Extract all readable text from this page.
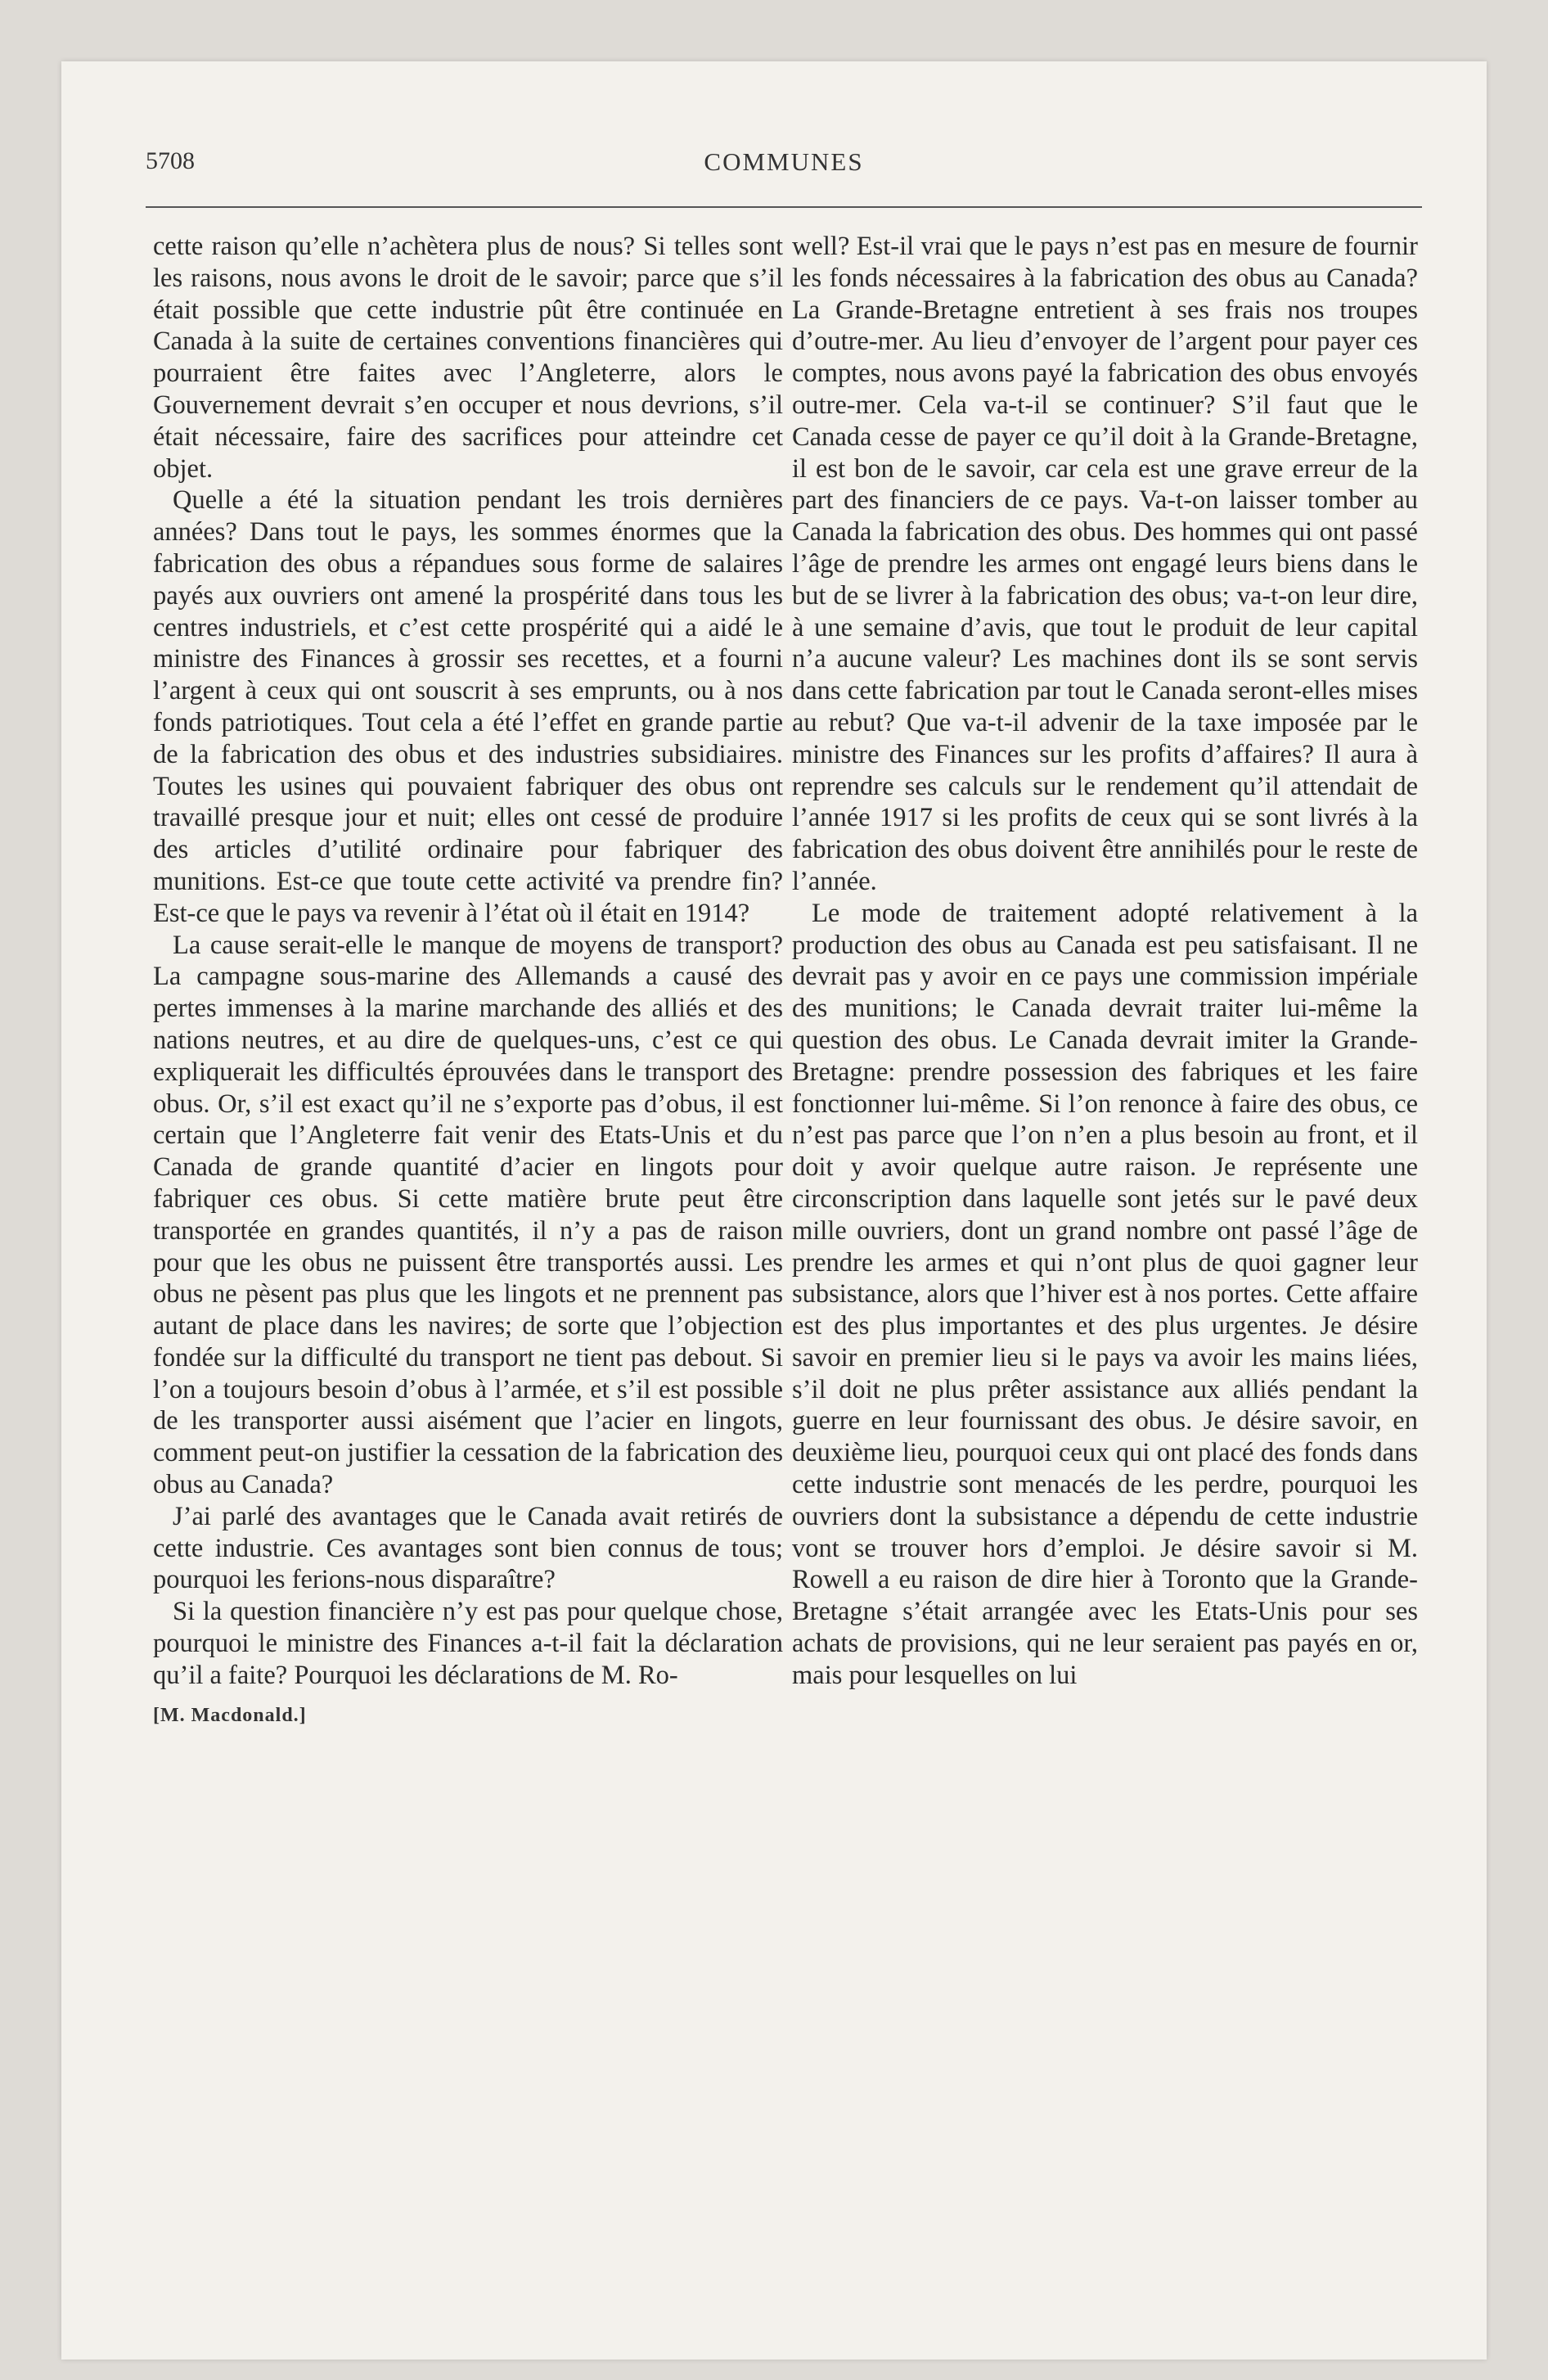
5708	COMMUNES

cette raison qu’elle n’achètera plus de nous? Si telles sont les raisons, nous avons le droit de le savoir; parce que s’il était possible que cette industrie pût être continuée en Canada à la suite de certaines conventions financières qui pourraient être faites avec l’Angleterre, alors le Gouvernement devrait s’en occuper et nous devrions, s’il était nécessaire, faire des sacrifices pour atteindre cet objet.

Quelle a été la situation pendant les trois dernières années? Dans tout le pays, les sommes énormes que la fabrication des obus a répandues sous forme de salaires payés aux ouvriers ont amené la prospérité dans tous les centres industriels, et c’est cette prospérité qui a aidé le ministre des Finances à grossir ses recettes, et a fourni l’argent à ceux qui ont souscrit à ses emprunts, ou à nos fonds patriotiques. Tout cela a été l’effet en grande partie de la fabrication des obus et des industries subsidiaires. Toutes les usines qui pouvaient fabriquer des obus ont travaillé presque jour et nuit; elles ont cessé de produire des articles d’utilité ordinaire pour fabriquer des munitions. Est-ce que toute cette activité va prendre fin? Est-ce que le pays va revenir à l’état où il était en 1914?

La cause serait-elle le manque de moyens de transport? La campagne sous-marine des Allemands a causé des pertes immenses à la marine marchande des alliés et des nations neutres, et au dire de quelques-uns, c’est ce qui expliquerait les difficultés éprouvées dans le transport des obus. Or, s’il est exact qu’il ne s’exporte pas d’obus, il est certain que l’Angleterre fait venir des Etats-Unis et du Canada de grande quantité d’acier en lingots pour fabriquer ces obus. Si cette matière brute peut être transportée en grandes quantités, il n’y a pas de raison pour que les obus ne puissent être transportés aussi. Les obus ne pèsent pas plus que les lingots et ne prennent pas autant de place dans les navires; de sorte que l’objection fondée sur la difficulté du transport ne tient pas debout. Si l’on a toujours besoin d’obus à l’armée, et s’il est possible de les transporter aussi aisément que l’acier en lingots, comment peut-on justifier la cessation de la fabrication des obus au Canada?

J’ai parlé des avantages que le Canada avait retirés de cette industrie. Ces avantages sont bien connus de tous; pourquoi les ferions-nous disparaître?

Si la question financière n’y est pas pour quelque chose, pourquoi le ministre des Finances a-t-il fait la déclaration qu’il a faite? Pourquoi les déclarations de M. Ro-

[M. Macdonald.]

well? Est-il vrai que le pays n’est pas en mesure de fournir les fonds nécessaires à la fabrication des obus au Canada? La Grande-Bretagne entretient à ses frais nos troupes d’outre-mer. Au lieu d’envoyer de l’argent pour payer ces comptes, nous avons payé la fabrication des obus envoyés outre-mer. Cela va-t-il se continuer? S’il faut que le Canada cesse de payer ce qu’il doit à la Grande-Bretagne, il est bon de le savoir, car cela est une grave erreur de la part des financiers de ce pays. Va-t-on laisser tomber au Canada la fabrication des obus. Des hommes qui ont passé l’âge de prendre les armes ont engagé leurs biens dans le but de se livrer à la fabrication des obus; va-t-on leur dire, à une semaine d’avis, que tout le produit de leur capital n’a aucune valeur? Les machines dont ils se sont servis dans cette fabrication par tout le Canada seront-elles mises au rebut? Que va-t-il advenir de la taxe imposée par le ministre des Finances sur les profits d’affaires? Il aura à reprendre ses calculs sur le rendement qu’il attendait de l’année 1917 si les profits de ceux qui se sont livrés à la fabrication des obus doivent être annihilés pour le reste de l’année.

Le mode de traitement adopté relativement à la production des obus au Canada est peu satisfaisant. Il ne devrait pas y avoir en ce pays une commission impériale des munitions; le Canada devrait traiter lui-même la question des obus. Le Canada devrait imiter la Grande-Bretagne: prendre possession des fabriques et les faire fonctionner lui-même. Si l’on renonce à faire des obus, ce n’est pas parce que l’on n’en a plus besoin au front, et il doit y avoir quelque autre raison. Je représente une circonscription dans laquelle sont jetés sur le pavé deux mille ouvriers, dont un grand nombre ont passé l’âge de prendre les armes et qui n’ont plus de quoi gagner leur subsistance, alors que l’hiver est à nos portes. Cette affaire est des plus importantes et des plus urgentes. Je désire savoir en premier lieu si le pays va avoir les mains liées, s’il doit ne plus prêter assistance aux alliés pendant la guerre en leur fournissant des obus. Je désire savoir, en deuxième lieu, pourquoi ceux qui ont placé des fonds dans cette industrie sont menacés de les perdre, pourquoi les ouvriers dont la subsistance a dépendu de cette industrie vont se trouver hors d’emploi. Je désire savoir si M. Rowell a eu raison de dire hier à Toronto que la Grande-Bretagne s’était arrangée avec les Etats-Unis pour ses achats de provisions, qui ne leur seraient pas payés en or, mais pour lesquelles on lui
